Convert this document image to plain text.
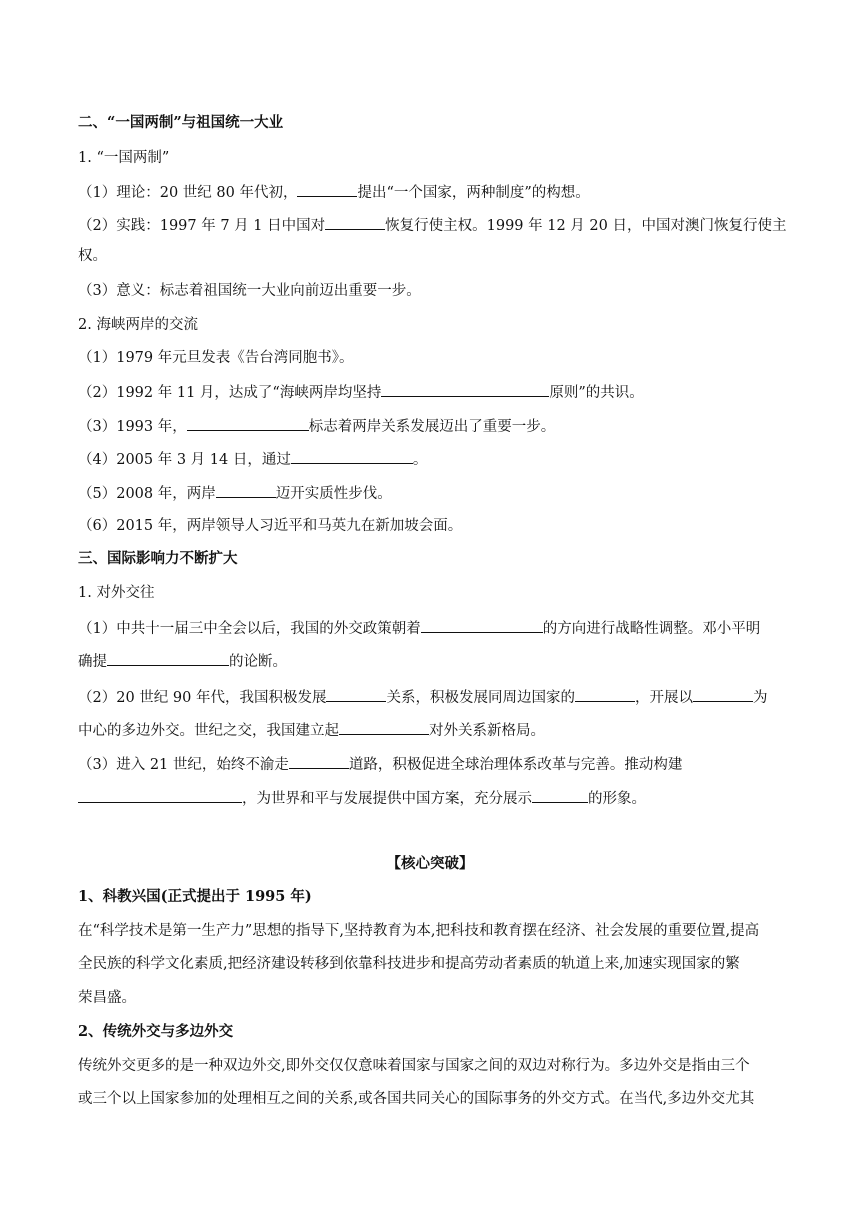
二、“一国两制”与祖国统一大业
1. “一国两制”
（1）理论：20 世纪 80 年代初，	提出“一个国家，两种制度”的构想。
（2）实践：1997 年 7 月 1 日中国对	恢复行使主权。1999 年 12 月 20 日，中国对澳门恢复行使主
权。
（3）意义：标志着祖国统一大业向前迈出重要一步。
2. 海峡两岸的交流
（1）1979 年元旦发表《告台湾同胞书》。
（2）1992 年 11 月，达成了“海峡两岸均坚持	原则”的共识。
（3）1993 年，	标志着两岸关系发展迈出了重要一步。
（4）2005 年 3 月 14 日，通过	。
（5）2008 年，两岸	迈开实质性步伐。
（6）2015 年，两岸领导人习近平和马英九在新加坡会面。
三、国际影响力不断扩大
1. 对外交往
（1）中共十一届三中全会以后，我国的外交政策朝着	的方向进行战略性调整。邓小平明
确提	的论断。
（2）20 世纪 90 年代，我国积极发展	关系，积极发展同周边国家的	，开展以	为
中心的多边外交。世纪之交，我国建立起	对外关系新格局。
（3）进入 21 世纪，始终不渝走	道路，积极促进全球治理体系改革与完善。推动构建
，为世界和平与发展提供中国方案，充分展示	的形象。
【核心突破】
1、科教兴国(正式提出于 1995 年)
在“科学技术是第一生产力”思想的指导下,坚持教育为本,把科技和教育摆在经济、社会发展的重要位置,提高
全民族的科学文化素质,把经济建设转移到依靠科技进步和提高劳动者素质的轨道上来,加速实现国家的繁
荣昌盛。
2、传统外交与多边外交
传统外交更多的是一种双边外交,即外交仅仅意味着国家与国家之间的双边对称行为。多边外交是指由三个
或三个以上国家参加的处理相互之间的关系,或各国共同关心的国际事务的外交方式。在当代,多边外交尤其
